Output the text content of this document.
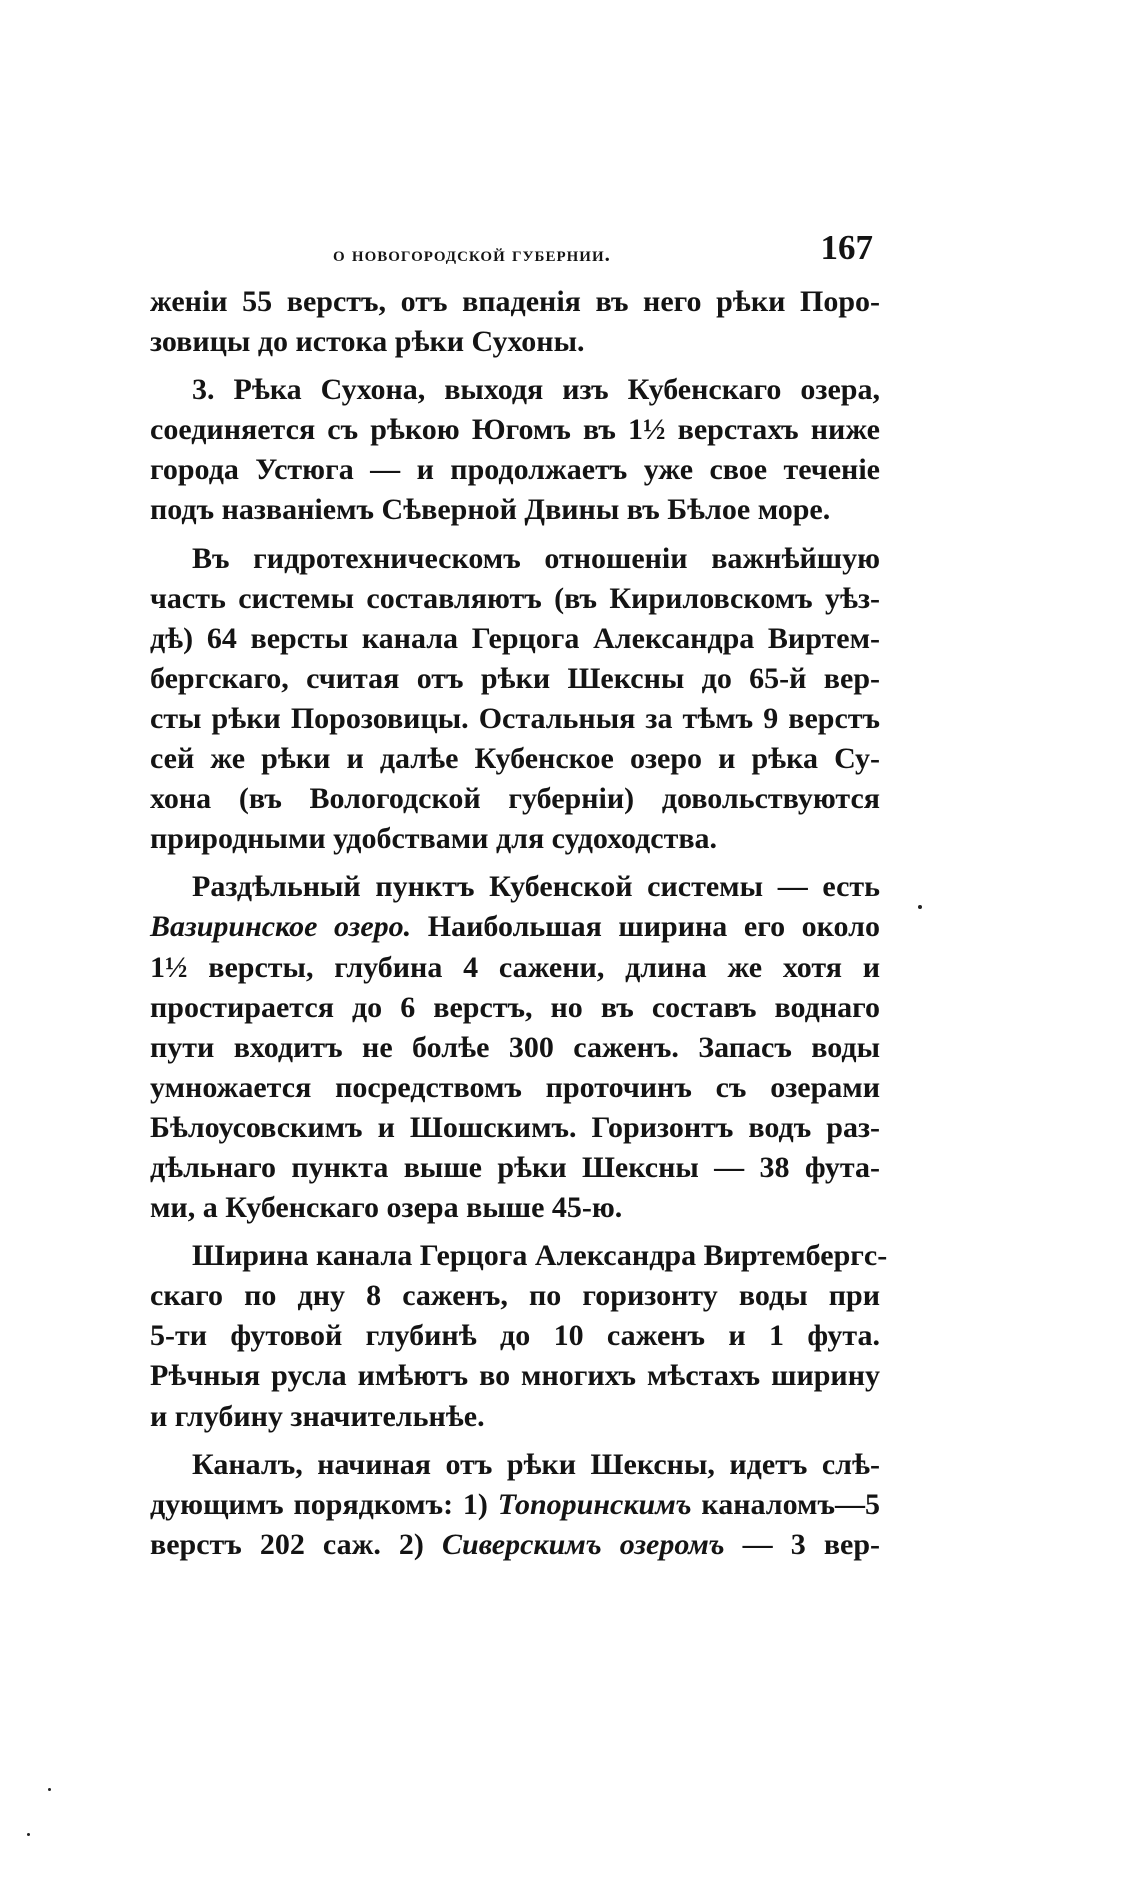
о новогородской губернии.	167
женіи 55 верстъ, отъ впаденія въ него рѣки Поро-
зовицы до истока рѣки Сухоны.
3. Рѣка Сухона, выходя изъ Кубенскаго озера,
соединяется съ рѣкою Югомъ въ 1½ верстахъ ниже
города Устюга — и продолжаетъ уже свое теченіе
подъ названіемъ Сѣверной Двины въ Бѣлое море.
Въ гидротехническомъ отношеніи важнѣйшую
часть системы составляютъ (въ Кириловскомъ уѣз-
дѣ) 64 версты канала Герцога Александра Виртем-
бергскаго, считая отъ рѣки Шексны до 65-й вер-
сты рѣки Порозовицы. Остальныя за тѣмъ 9 верстъ
сей же рѣки и далѣе Кубенское озеро и рѣка Су-
хона (въ Вологодской губерніи) довольствуются
природными удобствами для судоходства.
Раздѣльный пунктъ Кубенской системы — есть
Вазиринское озеро. Наибольшая ширина его около
1½ версты, глубина 4 сажени, длина же хотя и
простирается до 6 верстъ, но въ составъ воднаго
пути входитъ не болѣе 300 саженъ. Запасъ воды
умножается посредствомъ проточинъ съ озерами
Бѣлоусовскимъ и Шошскимъ. Горизонтъ водъ раз-
дѣльнаго пункта выше рѣки Шексны — 38 фута-
ми, а Кубенскаго озера выше 45-ю.
Ширина канала Герцога Александра Виртембергс-
скаго по дну 8 саженъ, по горизонту воды при
5-ти футовой глубинѣ до 10 саженъ и 1 фута.
Рѣчныя русла имѣютъ во многихъ мѣстахъ ширину
и глубину значительнѣе.
Каналъ, начиная отъ рѣки Шексны, идетъ слѣ-
дующимъ порядкомъ: 1) Топоринскимъ каналомъ—5
верстъ 202 саж. 2) Сиверскимъ озеромъ — 3 вер-
